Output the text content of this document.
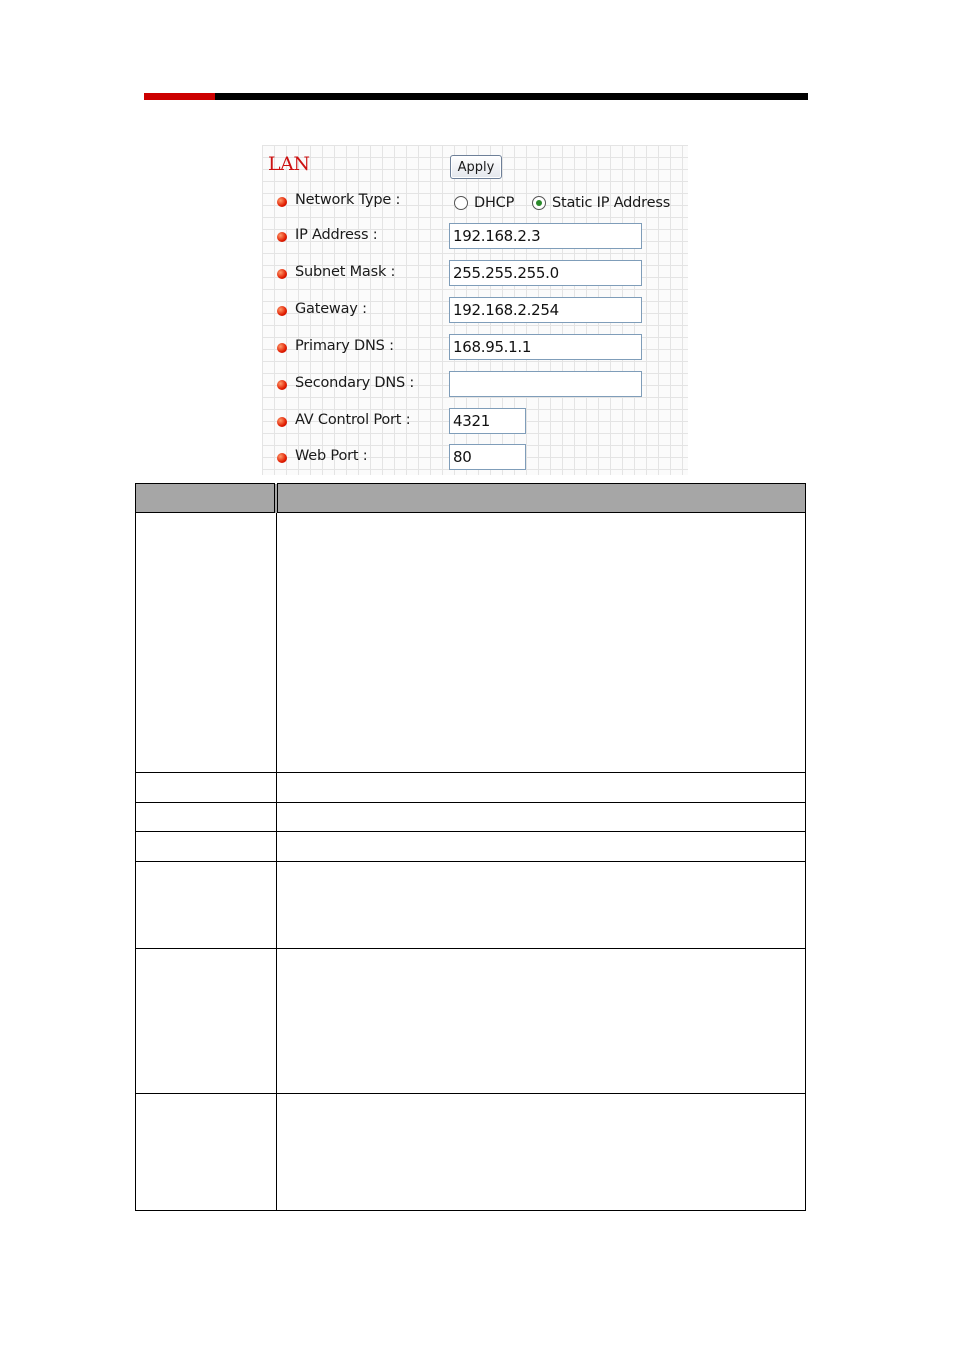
LAN	Apply
Network Type :	DHCP	Static IP Address
IP Address :	192.168.2.3
Subnet Mask :	255.255.255.0
Gateway :	192.168.2.254
Primary DNS :	168.95.1.1
Secondary DNS :
AV Control Port :	4321
Web Port :	80
